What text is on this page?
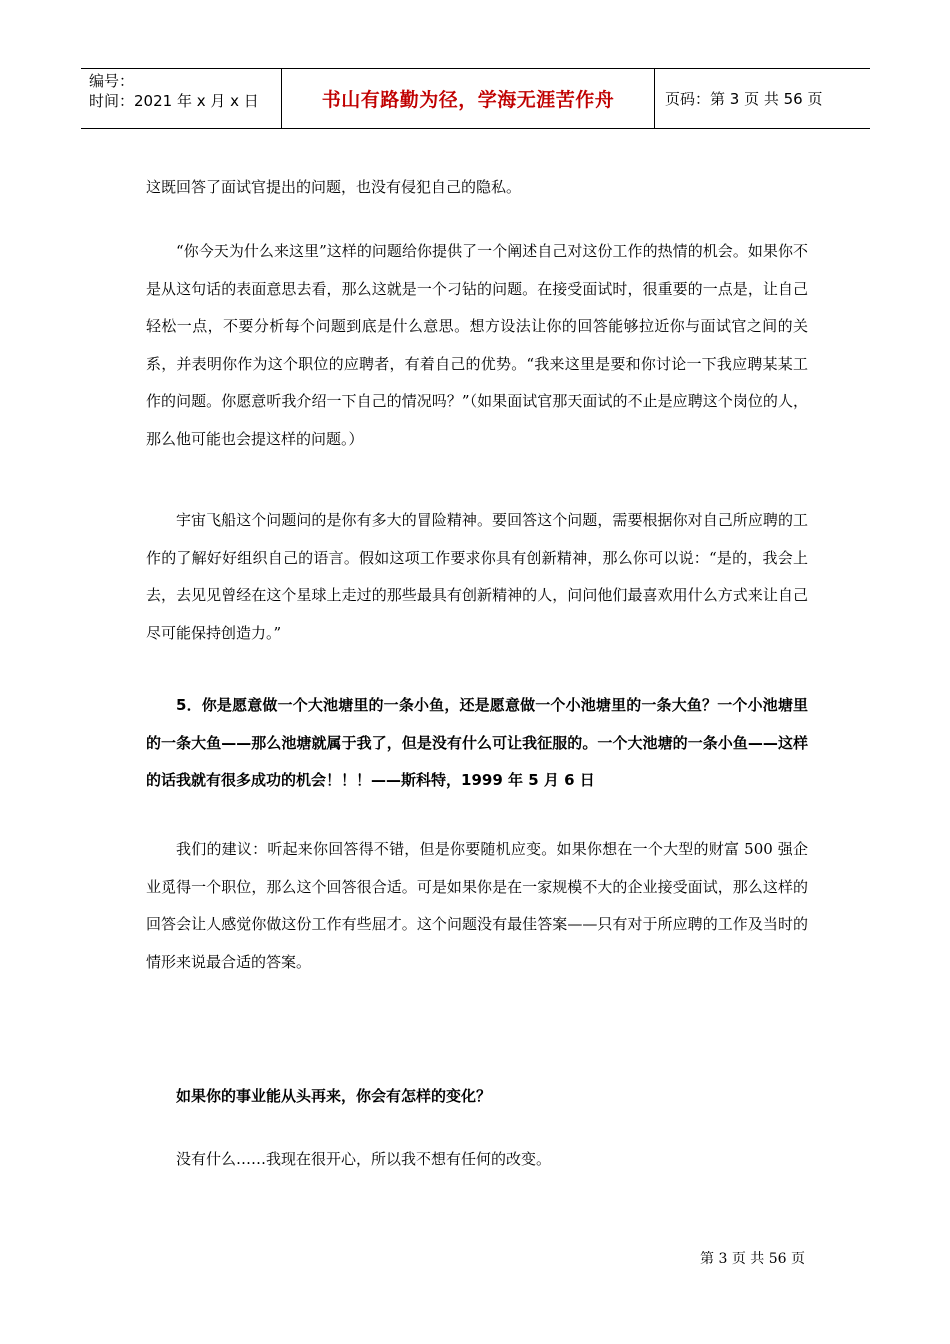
编号：
时间：2021 年 x 月 x 日	书山有路勤为径，学海无涯苦作舟	页码：第 3 页 共 56 页

这既回答了面试官提出的问题，也没有侵犯自己的隐私。

“你今天为什么来这里”这样的问题给你提供了一个阐述自己对这份工作的热情的机会。如果你不是从这句话的表面意思去看，那么这就是一个刁钻的问题。在接受面试时，很重要的一点是，让自己轻松一点，不要分析每个问题到底是什么意思。想方设法让你的回答能够拉近你与面试官之间的关系，并表明你作为这个职位的应聘者，有着自己的优势。“我来这里是要和你讨论一下我应聘某某工作的问题。你愿意听我介绍一下自己的情况吗？”（如果面试官那天面试的不止是应聘这个岗位的人，那么他可能也会提这样的问题。）

宇宙飞船这个问题问的是你有多大的冒险精神。要回答这个问题，需要根据你对自己所应聘的工作的了解好好组织自己的语言。假如这项工作要求你具有创新精神，那么你可以说：“是的，我会上去，去见见曾经在这个星球上走过的那些最具有创新精神的人，问问他们最喜欢用什么方式来让自己尽可能保持创造力。”

5．你是愿意做一个大池塘里的一条小鱼，还是愿意做一个小池塘里的一条大鱼？一个小池塘里的一条大鱼——那么池塘就属于我了，但是没有什么可让我征服的。一个大池塘的一条小鱼——这样的话我就有很多成功的机会！！！——斯科特，1999 年 5 月 6 日

我们的建议：听起来你回答得不错，但是你要随机应变。如果你想在一个大型的财富 500 强企业觅得一个职位，那么这个回答很合适。可是如果你是在一家规模不大的企业接受面试，那么这样的回答会让人感觉你做这份工作有些屈才。这个问题没有最佳答案——只有对于所应聘的工作及当时的情形来说最合适的答案。

如果你的事业能从头再来，你会有怎样的变化？

没有什么……我现在很开心，所以我不想有任何的改变。

第 3 页 共 56 页
